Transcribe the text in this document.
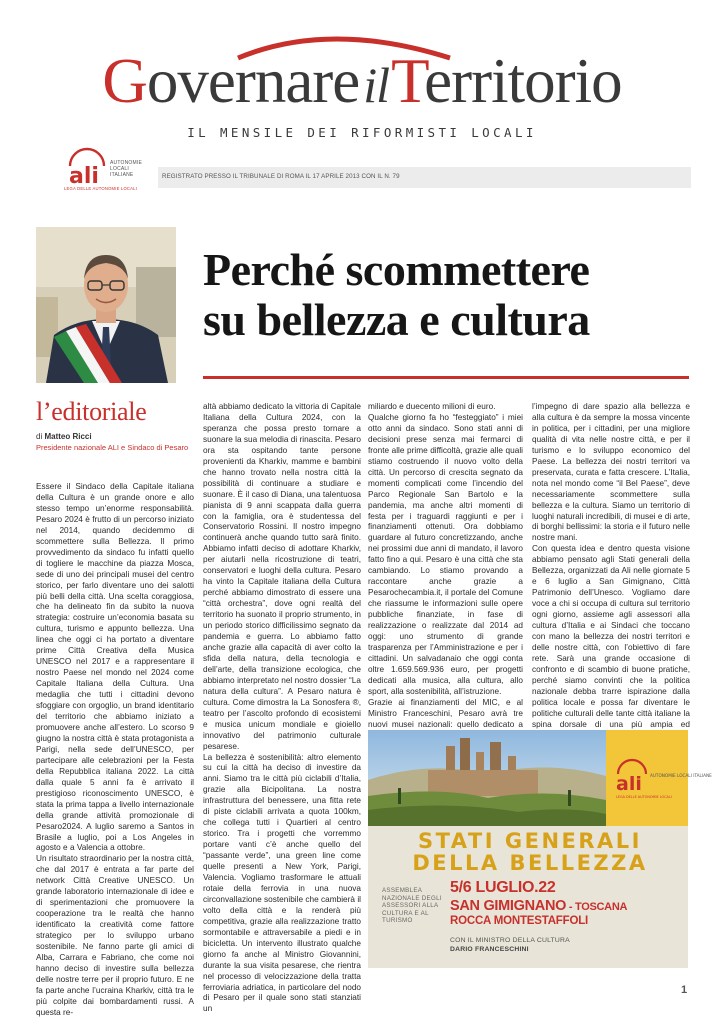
GovernareilTerritorio
IL MENSILE DEI RIFORMISTI LOCALI
ali
AUTONOMIE LOCALI ITALIANE
LEGA DELLE AUTONOMIE LOCALI
REGISTRATO PRESSO IL TRIBUNALE DI ROMA IL 17 APRILE 2013 CON IL N. 79
Perché scommettere
su bellezza e cultura
l’editoriale
di Matteo Ricci
Presidente nazionale ALI e Sindaco di Pesaro
Essere il Sindaco della Capitale italiana della Cultura è un grande onore e allo stesso tempo un’enorme responsabilità. Pesaro 2024 è frutto di un percorso iniziato nel 2014, quando decidemmo di scommettere sulla Bellezza. Il primo provvedimento da sindaco fu infatti quello di togliere le macchine da piazza Mosca, sede di uno dei principali musei del centro storico, per farlo diventare uno dei salotti più belli della città. Una scelta coraggiosa, che ha delineato fin da subito la nuova strategia: costruire un’economia basata su cultura, turismo e appunto bellezza. Una linea che oggi ci ha portato a diventare prime Città Creativa della Musica UNESCO nel 2017 e a rappresentare il nostro Paese nel mondo nel 2024 come Capitale Italiana della Cultura. Una medaglia che tutti i cittadini devono sfoggiare con orgoglio, un brand identitario del territorio che abbiamo iniziato a promuovere anche all’estero. Lo scorso 9 giugno la nostra città è stata protagonista a Parigi, nella sede dell’UNESCO, per partecipare alle celebrazioni per la Festa della Repubblica italiana 2022. La città dalla quale 5 anni fa è arrivato il prestigioso riconoscimento UNESCO, è stata la prima tappa a livello internazionale della grande attività promozionale di Pesaro2024. A luglio saremo a Santos in Brasile a luglio, poi a Los Angeles in agosto e a Valencia a ottobre.
Un risultato straordinario per la nostra città, che dal 2017 è entrata a far parte del network Città Creative UNESCO. Un grande laboratorio internazionale di idee e di sperimentazioni che promuovere la cooperazione tra le realtà che hanno identificato la creatività come fattore strategico per lo sviluppo urbano sostenibile. Ne fanno parte gli amici di Alba, Carrara e Fabriano, che come noi hanno deciso di investire sulla bellezza delle nostre terre per il proprio futuro. E ne fa parte anche l’ucraina Kharkiv, città tra le più colpite dai bombardamenti russi. A questa re-
altà abbiamo dedicato la vittoria di Capitale Italiana della Cultura 2024, con la speranza che possa presto tornare a suonare la sua melodia di rinascita. Pesaro ora sta ospitando tante persone provenienti da Kharkiv, mamme e bambini che hanno trovato nella nostra città la possibilità di continuare a studiare e suonare. È il caso di Diana, una talentuosa pianista di 9 anni scappata dalla guerra con la famiglia, ora è studentessa del Conservatorio Rossini. Il nostro impegno continuerà anche quando tutto sarà finito. Abbiamo infatti deciso di adottare Kharkiv, per aiutarli nella ricostruzione di teatri, conservatori e luoghi della cultura. Pesaro ha vinto la Capitale italiana della Cultura perché abbiamo dimostrato di essere una “città orchestra”, dove ogni realtà del territorio ha suonato il proprio strumento, in un periodo storico difficilissimo segnato da pandemia e guerra. Lo abbiamo fatto anche grazie alla capacità di aver colto la sfida della natura, della tecnologia e dell’arte, della transizione ecologica, che abbiamo interpretato nel nostro dossier “La natura della cultura”. A Pesaro natura è cultura. Come dimostra la La Sonosfera ®, teatro per l’ascolto profondo di ecosistemi e musica unicum mondiale e gioiello innovativo del patrimonio culturale pesarese.
La bellezza è sostenibilità: altro elemento su cui la città ha deciso di investire da anni. Siamo tra le città più ciclabili d’Italia, grazie alla Bicipolitana. La nostra infrastruttura del benessere, una fitta rete di piste ciclabili arrivata a quota 100km, che collega tutti i Quartieri al centro storico. Tra i progetti che vorremmo portare vanti c’è anche quello del “passante verde”, una green line come quelle presenti a New York, Parigi, Valencia. Vogliamo trasformare le attuali rotaie della ferrovia in una nuova circonvallazione sostenibile che cambierà il volto della città e la renderà più competitiva, grazie alla realizzazione tratto sormontabile e attraversabile a piedi e in bicicletta. Un intervento illustrato qualche giorno fa anche al Ministro Giovannini, durante la sua visita pesarese, che rientra nel processo di velocizzazione della tratta ferroviaria adriatica, in particolare del nodo di Pesaro per il quale sono stati stanziati un
miliardo e duecento milioni di euro.
Qualche giorno fa ho “festeggiato” i miei otto anni da sindaco. Sono stati anni di decisioni prese senza mai fermarci di fronte alle prime difficoltà, grazie alle quali stiamo costruendo il nuovo volto della città. Un percorso di crescita segnato da momenti complicati come l’incendio del Parco Regionale San Bartolo e la pandemia, ma anche altri momenti di festa per i traguardi raggiunti e per i finanziamenti ottenuti. Ora dobbiamo guardare al futuro concretizzando, anche nei prossimi due anni di mandato, il lavoro fatto fino a qui. Pesaro è una città che sta cambiando. Lo stiamo provando a raccontare anche grazie a Pesarochecambia.it, il portale del Comune che riassume le informazioni sulle opere pubbliche finanziate, in fase di realizzazione o realizzate dal 2014 ad oggi: uno strumento di grande trasparenza per l’Amministrazione e per i cittadini. Un salvadanaio che oggi conta oltre 1.659.569.936 euro, per progetti dedicati alla musica, alla cultura, allo sport, alla sostenibilità, all’istruzione.
Grazie ai finanziamenti del MIC, e al Ministro Franceschini, Pesaro avrà tre nuovi musei nazionali: quello dedicato a
l’impegno di dare spazio alla bellezza e alla cultura è da sempre la mossa vincente in politica, per i cittadini, per una migliore qualità di vita nelle nostre città, e per il turismo e lo sviluppo economico del Paese. La bellezza dei nostri territori va preservata, curata e fatta crescere. L’Italia, nota nel mondo come “il Bel Paese”, deve necessariamente scommettere sulla bellezza e la cultura. Siamo un territorio di luoghi naturali incredibili, di musei e di arte, di borghi bellissimi: la storia e il futuro nelle nostre mani.
Con questa idea e dentro questa visione abbiamo pensato agli Stati generali della Bellezza, organizzati da Ali nelle giornate 5 e 6 luglio a San Gimignano, Città Patrimonio dell’Unesco. Vogliamo dare voce a chi si occupa di cultura sul territorio ogni giorno, assieme agli assessori alla cultura d’Italia e ai Sindaci che toccano con mano la bellezza dei nostri territori e delle nostre città, con l’obiettivo di fare rete. Sarà una grande occasione di confronto e di scambio di buone pratiche, perché siamo convinti che la politica nazionale debba trarre ispirazione dalla politica locale e possa far diventare le politiche culturali delle tante città italiane la spina dorsale di una più ampia ed
ali AUTONOMIE LOCALI ITALIANE
LEGA DELLE AUTONOMIE LOCALI
STATI GENERALI
DELLA BELLEZZA
ASSEMBLEA NAZIONALE DEGLI ASSESSORI ALLA CULTURA E AL TURISMO
5/6 LUGLIO.22
SAN GIMIGNANO - TOSCANA
ROCCA MONTESTAFFOLI
CON IL MINISTRO DELLA CULTURA
DARIO FRANCESCHINI
1
